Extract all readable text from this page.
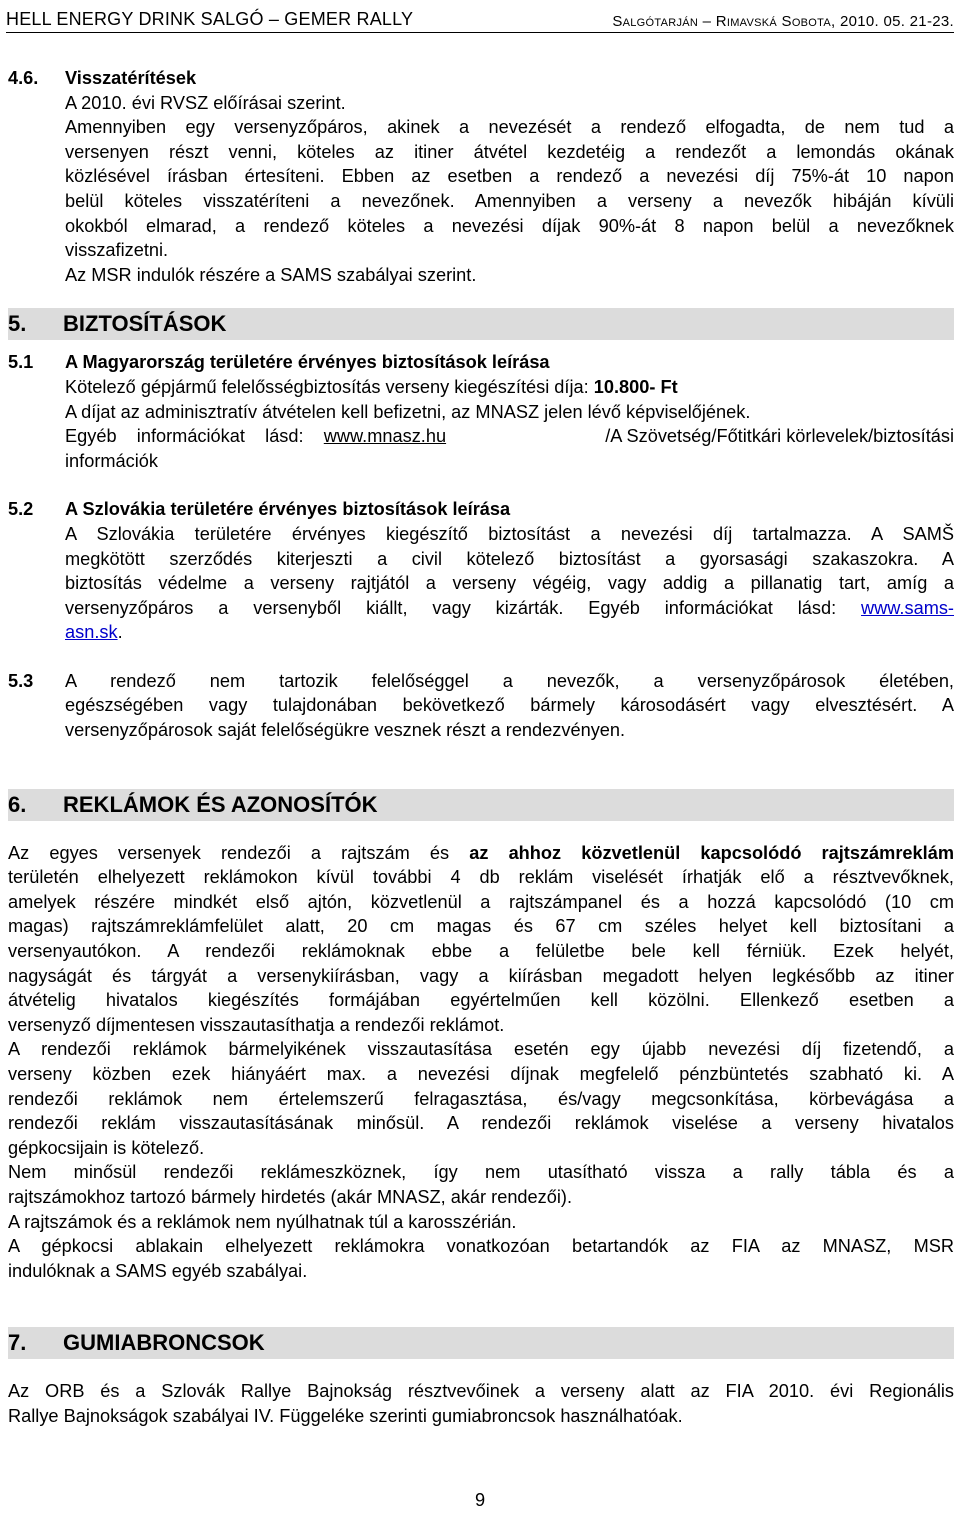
HELL ENERGY DRINK SALGÓ – GEMER RALLY	Salgótarján – Rimavská Sobota, 2010. 05. 21-23.
4.6.	Visszatérítések

A 2010. évi RVSZ előírásai szerint.

Amennyiben egy versenyzőpáros, akinek a nevezését a rendező elfogadta, de nem tud a
versenyen részt venni, köteles az itiner átvétel kezdetéig a rendezőt a lemondás okának
közlésével írásban értesíteni. Ebben az esetben a rendező a nevezési díj 75%-át 10 napon
belül köteles visszatéríteni a nevezőnek. Amennyiben a verseny a nevezők hibáján kívüli
okokból elmarad, a rendező köteles a nevezési díjak 90%-át 8 napon belül a nevezőknek
visszafizetni.

Az MSR indulók részére a SAMS szabályai szerint.

5.	BIZTOSÍTÁSOK
5.1	A Magyarország területére érvényes biztosítások leírása

Kötelező gépjármű felelősségbiztosítás verseny kiegészítési díja: 10.800- Ft

A díjat az adminisztratív átvételen kell befizetni, az MNASZ jelen lévő képviselőjének.

Egyéb    információkat    lásd: www.mnasz.hu	/A Szövetség/Főtitkári körlevelek/biztosítási
információk

5.2	A Szlovákia területére érvényes biztosítások leírása

A Szlovákia területére érvényes kiegészítő biztosítást a nevezési díj tartalmazza. A SAMŠ
megkötött szerződés kiterjeszti a civil kötelező biztosítást a gyorsasági szakaszokra. A
biztosítás védelme a verseny rajtjától a verseny végéig, vagy addig a pillanatig tart, amíg a
versenyzőpáros a versenyből kiállt, vagy kizárták. Egyéb információkat lásd: www.sams-
asn.sk.

5.3	A rendező nem tartozik felelőséggel a nevezők, a versenyzőpárosok életében,
egészségében vagy tulajdonában bekövetkező bármely károsodásért vagy elvesztésért. A
versenyzőpárosok saját felelőségükre vesznek részt a rendezvényen.
6.	REKLÁMOK ÉS AZONOSÍTÓK

Az egyes versenyek rendezői a rajtszám és az ahhoz közvetlenül kapcsolódó rajtszámreklám
területén elhelyezett reklámokon kívül további 4 db reklám viselését írhatják elő a résztvevőknek,
amelyek részére mindkét első ajtón, közvetlenül a rajtszámpanel és a hozzá kapcsolódó (10 cm
magas) rajtszámreklámfelület alatt, 20 cm magas és 67 cm széles helyet kell biztosítani a
versenyautókon. A rendezői reklámoknak ebbe a felületbe bele kell férniük. Ezek helyét,
nagyságát és tárgyát a versenykiírásban, vagy a kiírásban megadott helyen legkésőbb az itiner
átvételig hivatalos kiegészítés formájában egyértelműen kell közölni. Ellenkező esetben a
versenyző díjmentesen visszautasíthatja a rendezői reklámot.

A rendezői reklámok bármelyikének visszautasítása esetén egy újabb nevezési díj fizetendő, a
verseny közben ezek hiányáért max. a nevezési díjnak megfelelő pénzbüntetés szabható ki. A
rendezői reklámok nem értelemszerű felragasztása, és/vagy megcsonkítása, körbevágása a
rendezői reklám visszautasításának minősül. A rendezői reklámok viselése a verseny hivatalos
gépkocsijain is kötelező.

Nem minősül rendezői reklámeszköznek, így nem utasítható vissza a rally tábla és a
rajtszámokhoz tartozó bármely hirdetés (akár MNASZ, akár rendezői).

A rajtszámok és a reklámok nem nyúlhatnak túl a karosszérián.

A gépkocsi ablakain elhelyezett reklámokra vonatkozóan betartandók az FIA az MNASZ, MSR
indulóknak a SAMS egyéb szabályai.

7.	GUMIABRONCSOK

Az ORB és a Szlovák Rallye Bajnokság résztvevőinek a verseny alatt az FIA 2010. évi Regionális
Rallye Bajnokságok szabályai IV. Függeléke szerinti gumiabroncsok használhatóak.

9
